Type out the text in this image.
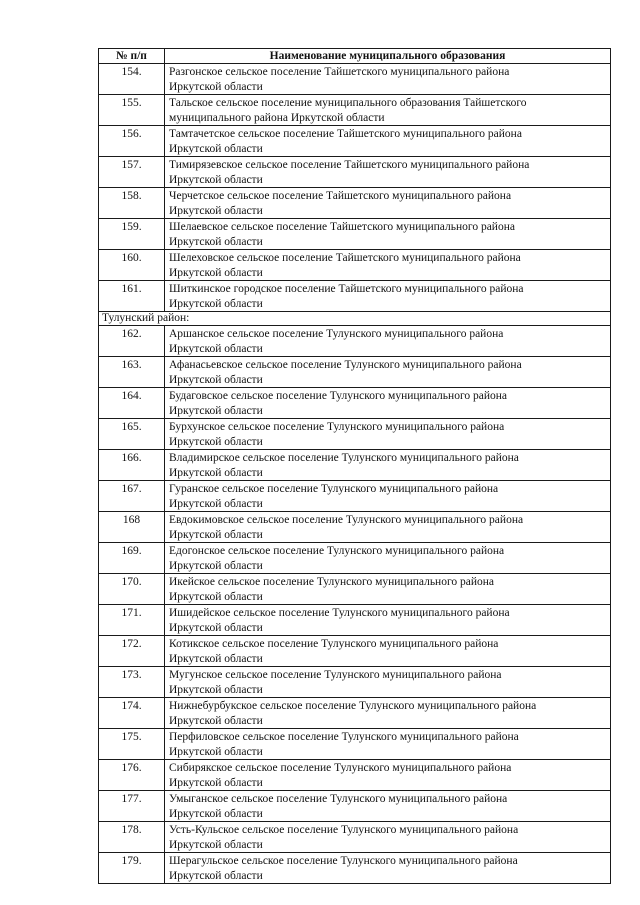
№ п/п	Наименование муниципального образования
154.	Разгонское сельское поселение Тайшетского муниципального района
Иркутской области

155.	Тальское сельское поселение муниципального образования Тайшетского
муниципального района Иркутской области

156.	Тамтачетское сельское поселение Тайшетского муниципального района
Иркутской области

157.	Тимирязевское сельское поселение Тайшетского муниципального района
Иркутской области

158.	Черчетское сельское поселение Тайшетского муниципального района
Иркутской области

159.	Шелаевское сельское поселение Тайшетского муниципального района
Иркутской области

160.	Шелеховское сельское поселение Тайшетского муниципального района
Иркутской области

161.	Шиткинское городское поселение Тайшетского муниципального района
Иркутской области

Тулунский район:	
162.	Аршанское сельское поселение Тулунского муниципального района
Иркутской области

163.	Афанасьевское сельское поселение Тулунского муниципального района
Иркутской области

164.	Будаговское сельское поселение Тулунского муниципального района
Иркутской области

165.	Бурхунское сельское поселение Тулунского муниципального района
Иркутской области

166.	Владимирское сельское поселение Тулунского муниципального района
Иркутской области

167.	Гуранское сельское поселение Тулунского муниципального района
Иркутской области

168	Евдокимовское сельское поселение Тулунского муниципального района
Иркутской области

169.	Едогонское сельское поселение Тулунского муниципального района
Иркутской области

170.	Икейское сельское поселение Тулунского муниципального района
Иркутской области

171.	Ишидейское сельское поселение Тулунского муниципального района
Иркутской области

172.	Котикское сельское поселение Тулунского муниципального района
Иркутской области

173.	Мугунское сельское поселение Тулунского муниципального района
Иркутской области

174.	Нижнебурбукское сельское поселение Тулунского муниципального района
Иркутской области

175.	Перфиловское сельское поселение Тулунского муниципального района
Иркутской области

176.	Сибирякское сельское поселение Тулунского муниципального района
Иркутской области

177.	Умыганское сельское поселение Тулунского муниципального района
Иркутской области

178.	Усть-Кульское сельское поселение Тулунского муниципального района
Иркутской области

179.	Шерагульское сельское поселение Тулунского муниципального района
Иркутской области
